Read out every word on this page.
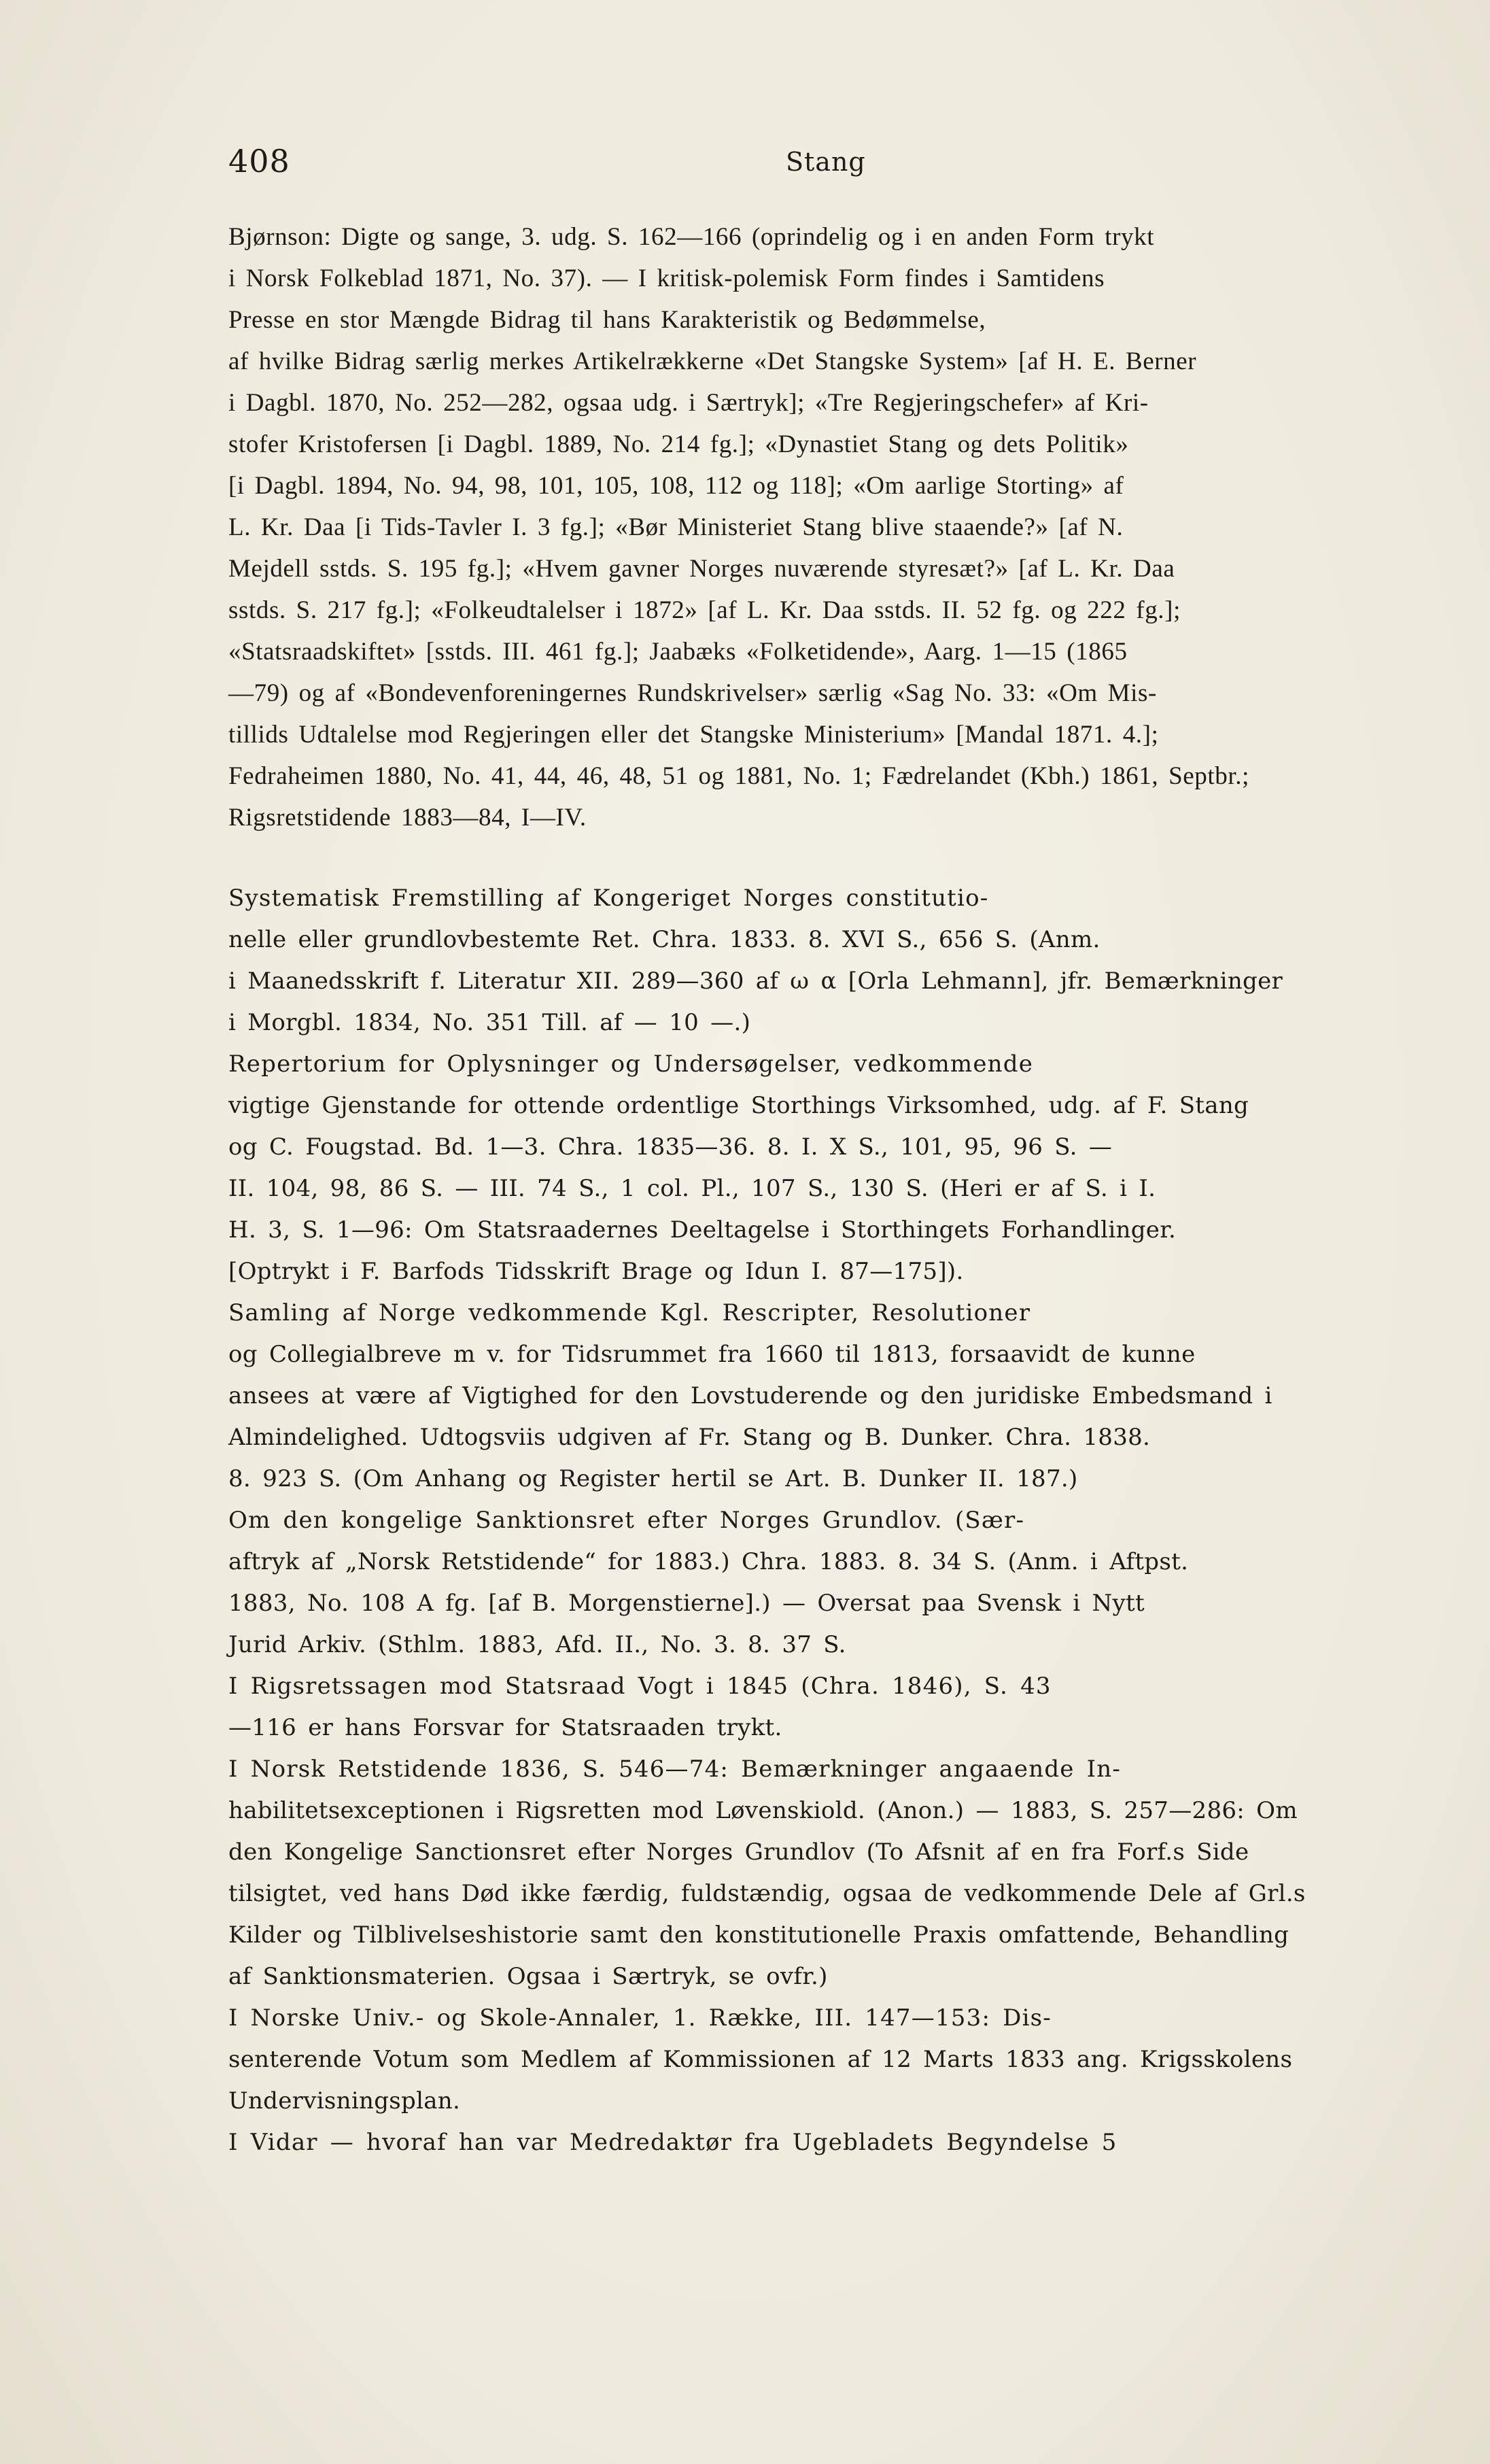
408	Stang
Bjørnson: Digte og sange, 3. udg. S. 162—166 (oprindelig og i en anden Form trykt
i Norsk Folkeblad 1871, No. 37). — I kritisk-polemisk Form findes i Samtidens
Presse en stor Mængde Bidrag til hans Karakteristik og Bedømmelse,
af hvilke Bidrag særlig merkes Artikelrækkerne «Det Stangske System» [af H. E. Berner
i Dagbl. 1870, No. 252—282, ogsaa udg. i Særtryk]; «Tre Regjeringschefer» af Kri-
stofer Kristofersen [i Dagbl. 1889, No. 214 fg.]; «Dynastiet Stang og dets Politik»
[i Dagbl. 1894, No. 94, 98, 101, 105, 108, 112 og 118]; «Om aarlige Storting» af
L. Kr. Daa [i Tids-Tavler I. 3 fg.]; «Bør Ministeriet Stang blive staaende?» [af N.
Mejdell sstds. S. 195 fg.]; «Hvem gavner Norges nuværende styresæt?» [af L. Kr. Daa
sstds. S. 217 fg.]; «Folkeudtalelser i 1872» [af L. Kr. Daa sstds. II. 52 fg. og 222 fg.];
«Statsraadskiftet» [sstds. III. 461 fg.]; Jaabæks «Folketidende», Aarg. 1—15 (1865
—79) og af «Bondevenforeningernes Rundskrivelser» særlig «Sag No. 33: «Om Mis-
tillids Udtalelse mod Regjeringen eller det Stangske Ministerium» [Mandal 1871. 4.];
Fedraheimen 1880, No. 41, 44, 46, 48, 51 og 1881, No. 1; Fædrelandet (Kbh.) 1861, Septbr.;
Rigsretstidende 1883—84, I—IV.
Systematisk Fremstilling af Kongeriget Norges constitutio-
nelle eller grundlovbestemte Ret. Chra. 1833. 8. XVI S., 656 S. (Anm.
i Maanedsskrift f. Literatur XII. 289—360 af ω α [Orla Lehmann], jfr. Bemærkninger
i Morgbl. 1834, No. 351 Till. af — 10 —.)
Repertorium for Oplysninger og Undersøgelser, vedkommende
vigtige Gjenstande for ottende ordentlige Storthings Virksomhed, udg. af F. Stang
og C. Fougstad. Bd. 1—3. Chra. 1835—36. 8. I. X S., 101, 95, 96 S. —
II. 104, 98, 86 S. — III. 74 S., 1 col. Pl., 107 S., 130 S. (Heri er af S. i I.
H. 3, S. 1—96: Om Statsraadernes Deeltagelse i Storthingets Forhandlinger.
[Optrykt i F. Barfods Tidsskrift Brage og Idun I. 87—175]).
Samling af Norge vedkommende Kgl. Rescripter, Resolutioner
og Collegialbreve m v. for Tidsrummet fra 1660 til 1813, forsaavidt de kunne
ansees at være af Vigtighed for den Lovstuderende og den juridiske Embedsmand i
Almindelighed. Udtogsviis udgiven af Fr. Stang og B. Dunker. Chra. 1838.
8. 923 S. (Om Anhang og Register hertil se Art. B. Dunker II. 187.)
Om den kongelige Sanktionsret efter Norges Grundlov. (Sær-
aftryk af „Norsk Retstidende“ for 1883.) Chra. 1883. 8. 34 S. (Anm. i Aftpst.
1883, No. 108 A fg. [af B. Morgenstierne].) — Oversat paa Svensk i Nytt
Jurid Arkiv. (Sthlm. 1883, Afd. II., No. 3. 8. 37 S.
I Rigsretssagen mod Statsraad Vogt i 1845 (Chra. 1846), S. 43
—116 er hans Forsvar for Statsraaden trykt.
I Norsk Retstidende 1836, S. 546—74: Bemærkninger angaaende In-
habilitetsexceptionen i Rigsretten mod Løvenskiold. (Anon.) — 1883, S. 257—286: Om
den Kongelige Sanctionsret efter Norges Grundlov (To Afsnit af en fra Forf.s Side
tilsigtet, ved hans Død ikke færdig, fuldstændig, ogsaa de vedkommende Dele af Grl.s
Kilder og Tilblivelseshistorie samt den konstitutionelle Praxis omfattende, Behandling
af Sanktionsmaterien. Ogsaa i Særtryk, se ovfr.)
I Norske Univ.- og Skole-Annaler, 1. Række, III. 147—153: Dis-
senterende Votum som Medlem af Kommissionen af 12 Marts 1833 ang. Krigsskolens
Undervisningsplan.
I Vidar — hvoraf han var Medredaktør fra Ugebladets Begyndelse 5
